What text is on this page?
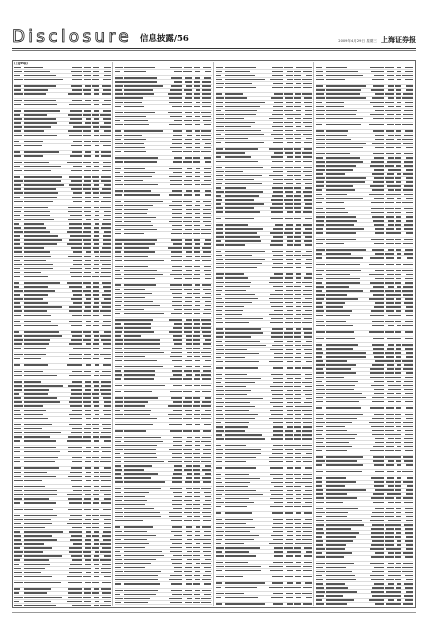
Disclosure 信息披露/56	2009年4月29日 星期三 上海证券报
(上接55版)
